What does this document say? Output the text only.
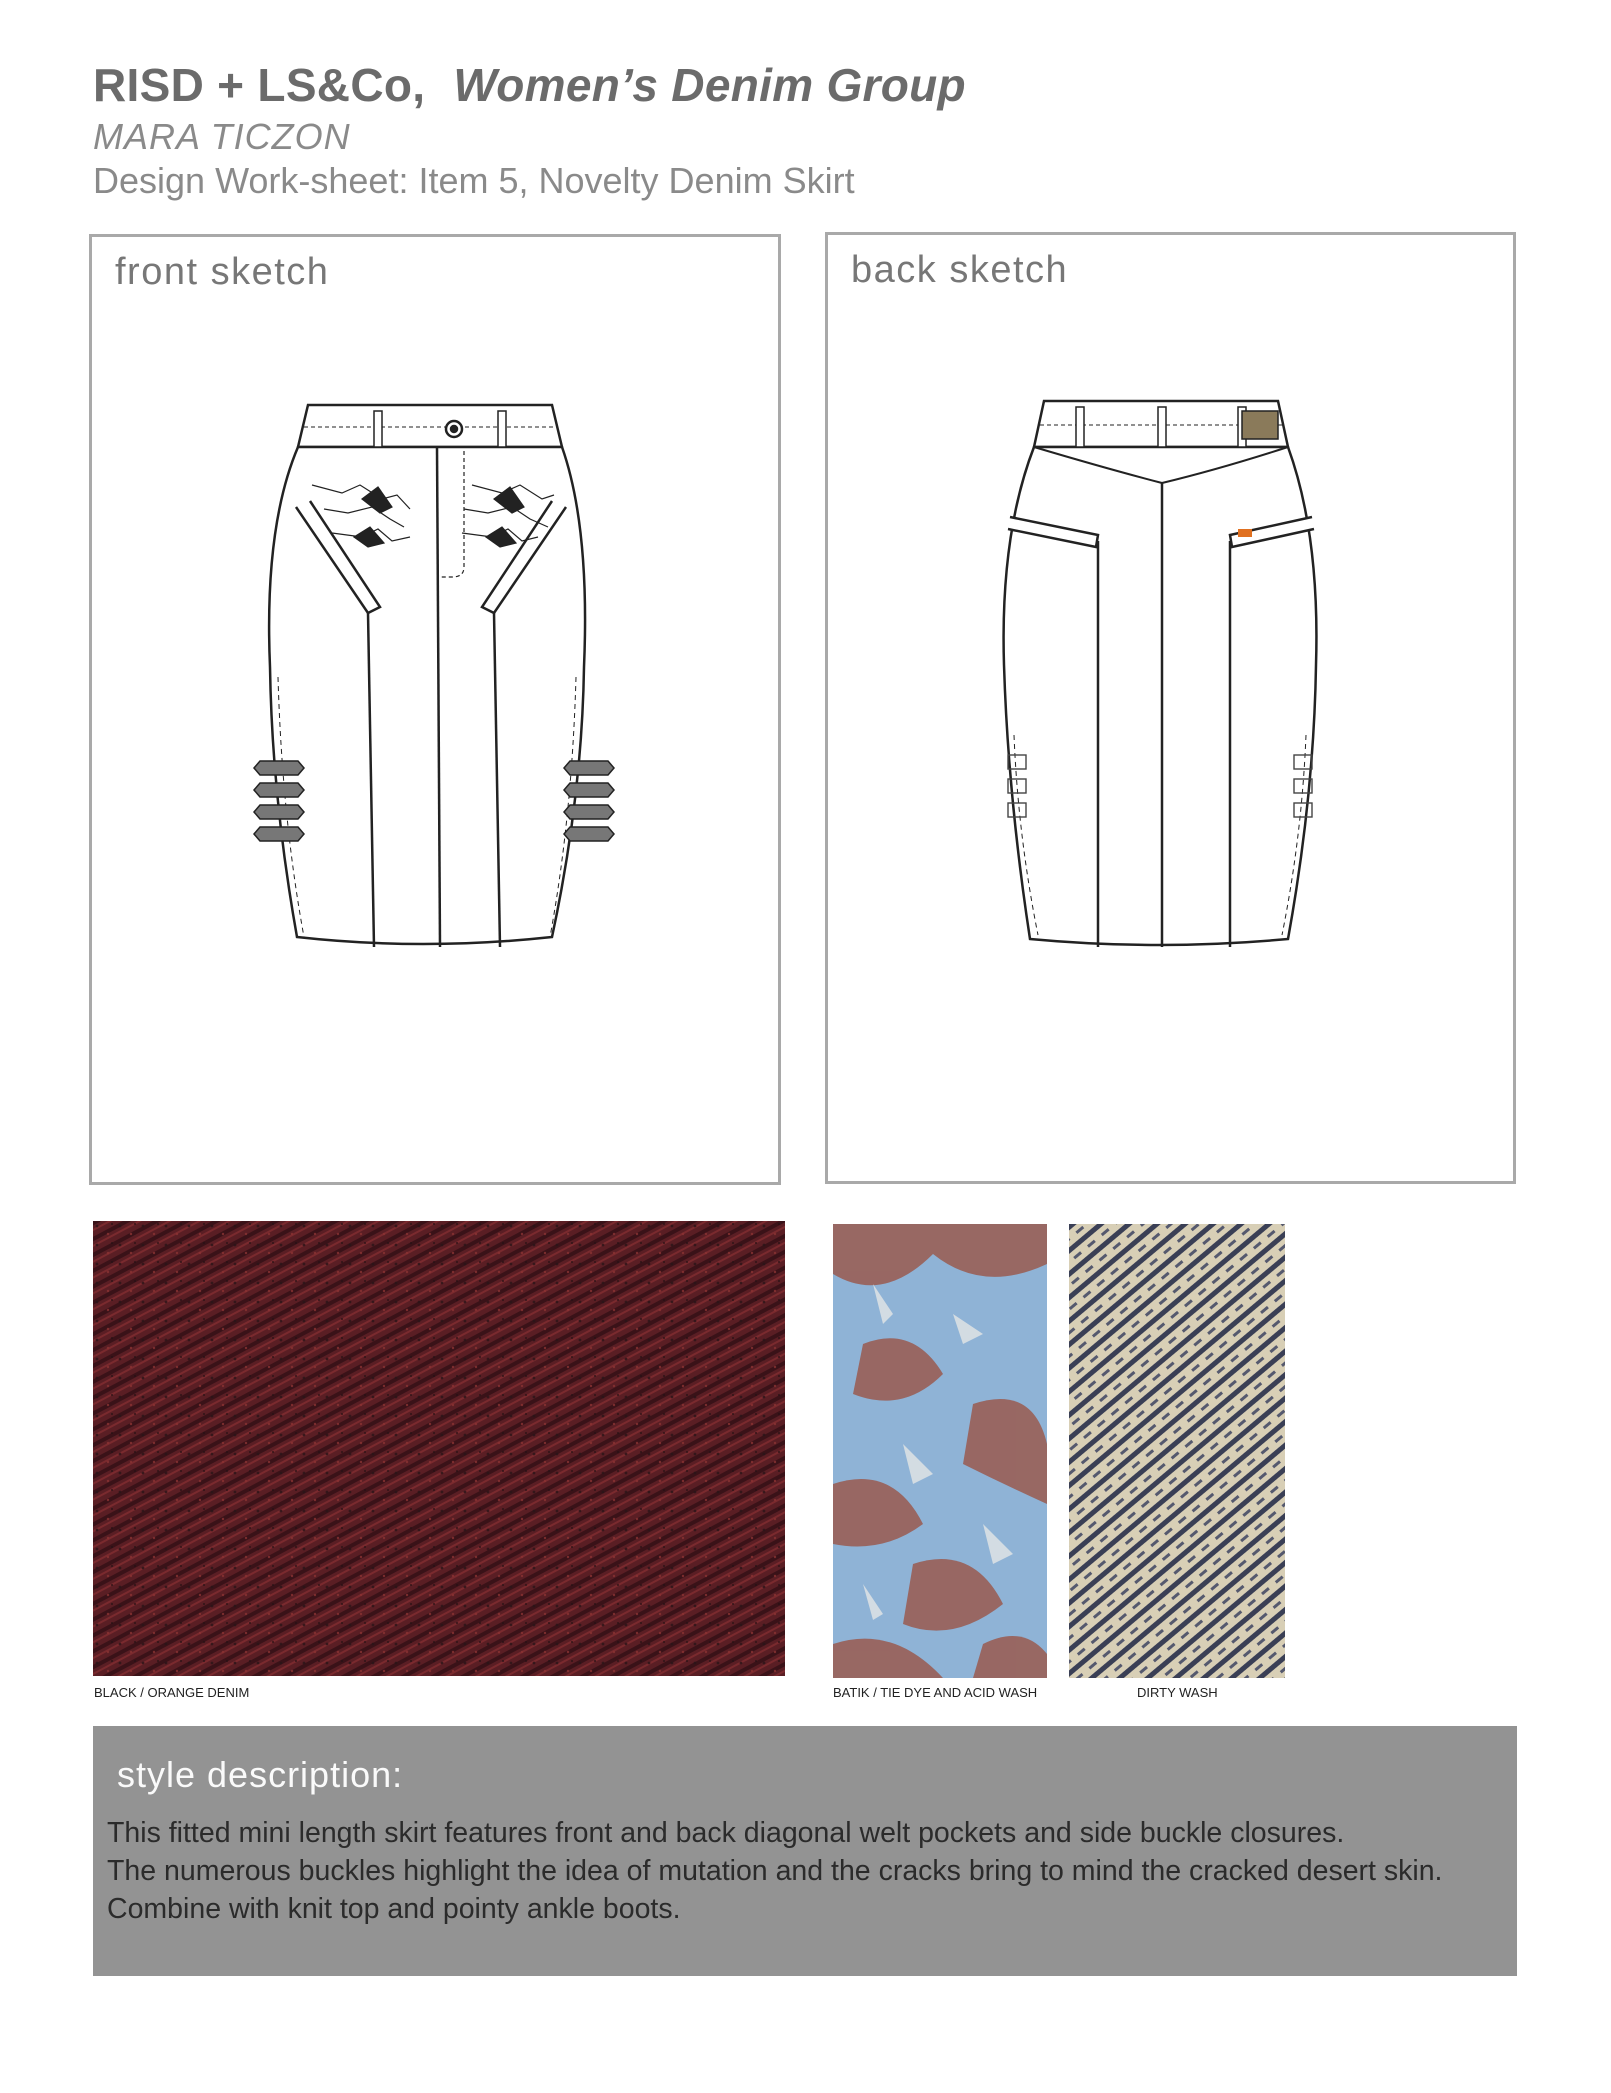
RISD + LS&Co, Women’s Denim Group
MARA TICZON
Design Work-sheet: Item 5, Novelty Denim Skirt
front sketch	back sketch
BLACK / ORANGE DENIM	BATIK / TIE DYE AND ACID WASH	DIRTY WASH
style description:
This fitted mini length skirt features front and back diagonal welt pockets and side buckle closures.
The numerous buckles highlight the idea of mutation and the cracks bring to mind the cracked desert skin.
Combine with knit top and pointy ankle boots.
